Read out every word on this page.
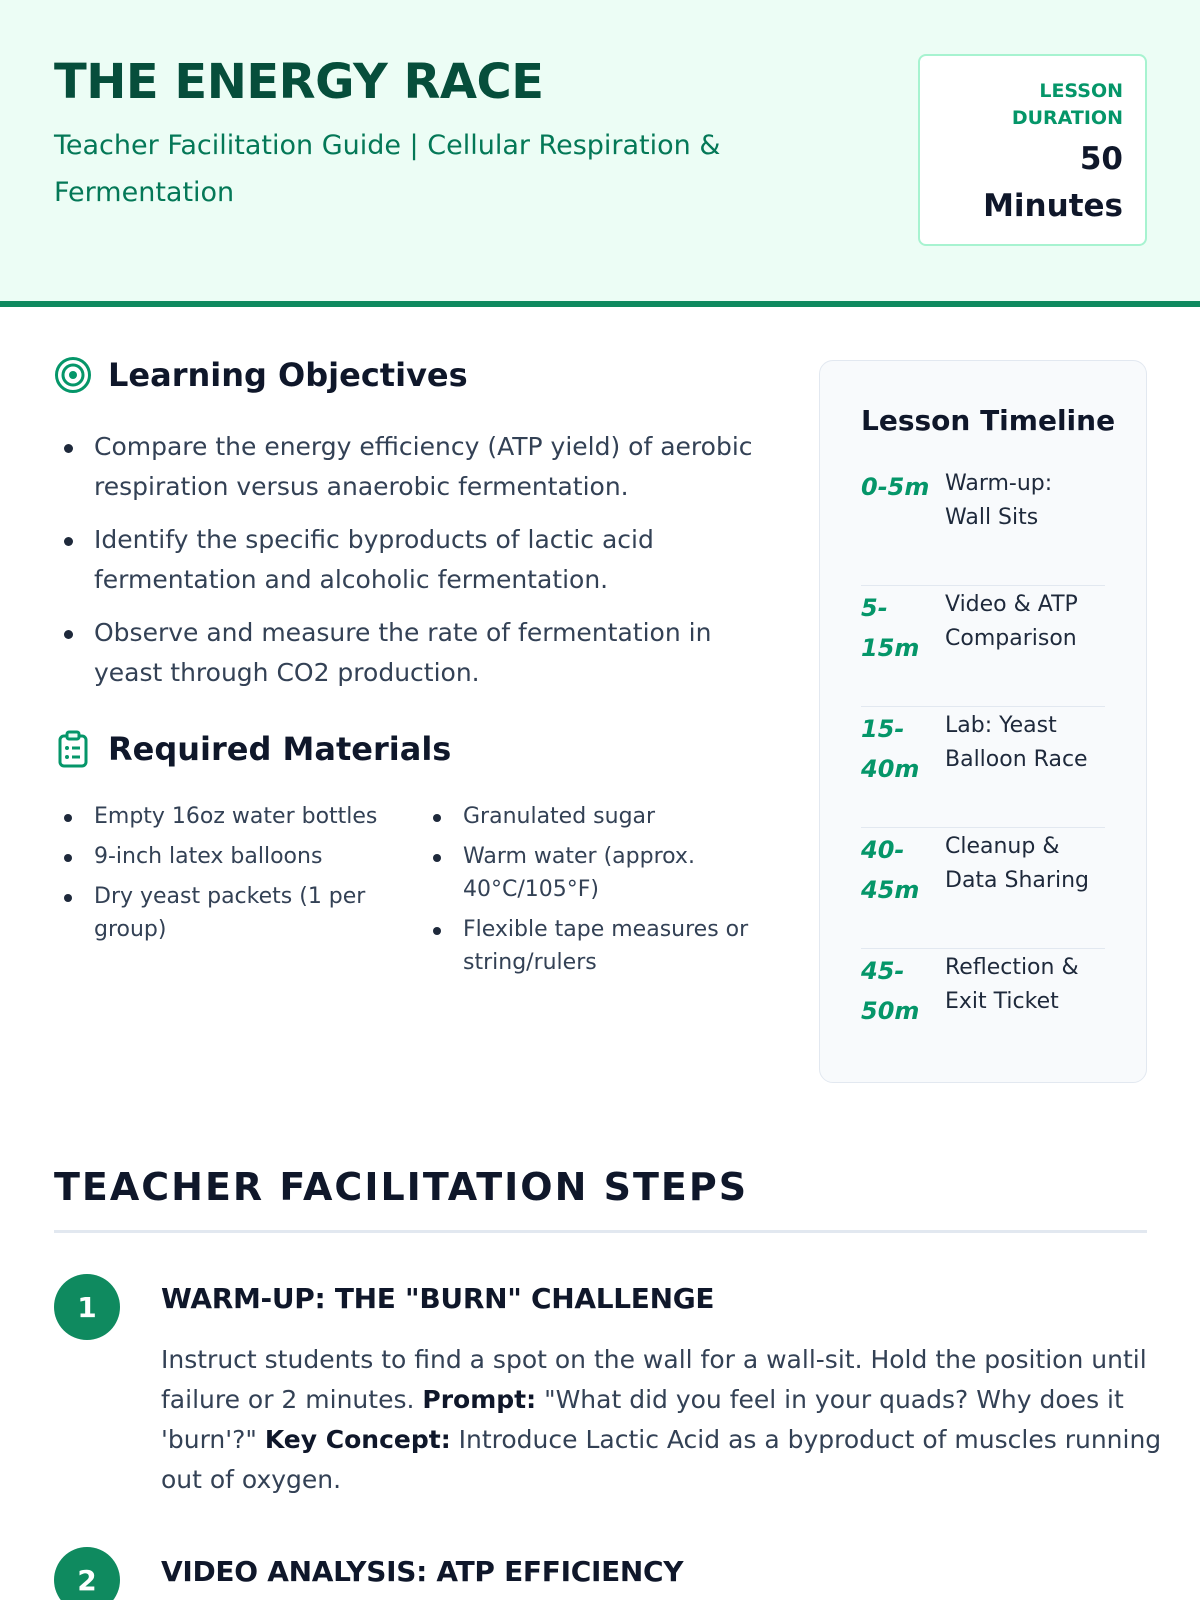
THE ENERGY RACE
Teacher Facilitation Guide | Cellular Respiration & Fermentation
LESSON DURATION
50 Minutes
Learning Objectives
Compare the energy efficiency (ATP yield) of aerobic respiration versus anaerobic fermentation.
Identify the specific byproducts of lactic acid fermentation and alcoholic fermentation.
Observe and measure the rate of fermentation in yeast through CO2 production.
Required Materials
Empty 16oz water bottles
9-inch latex balloons
Dry yeast packets (1 per group)
Granulated sugar
Warm water (approx. 40°C/105°F)
Flexible tape measures or string/rulers
Lesson Timeline
0-5m Warm-up: Wall Sits
5-15m
Video & ATP Comparison
15-40m
Lab: Yeast Balloon Race
40-45m
Cleanup & Data Sharing
45-50m
Reflection & Exit Ticket
TEACHER FACILITATION STEPS
1	WARM-UP: THE "BURN" CHALLENGE
Instruct students to find a spot on the wall for a wall-sit. Hold the position until failure or 2 minutes. Prompt: "What did you feel in your quads? Why does it 'burn'?" Key Concept: Introduce Lactic Acid as a byproduct of muscles running out of oxygen.
2	VIDEO ANALYSIS: ATP EFFICIENCY
